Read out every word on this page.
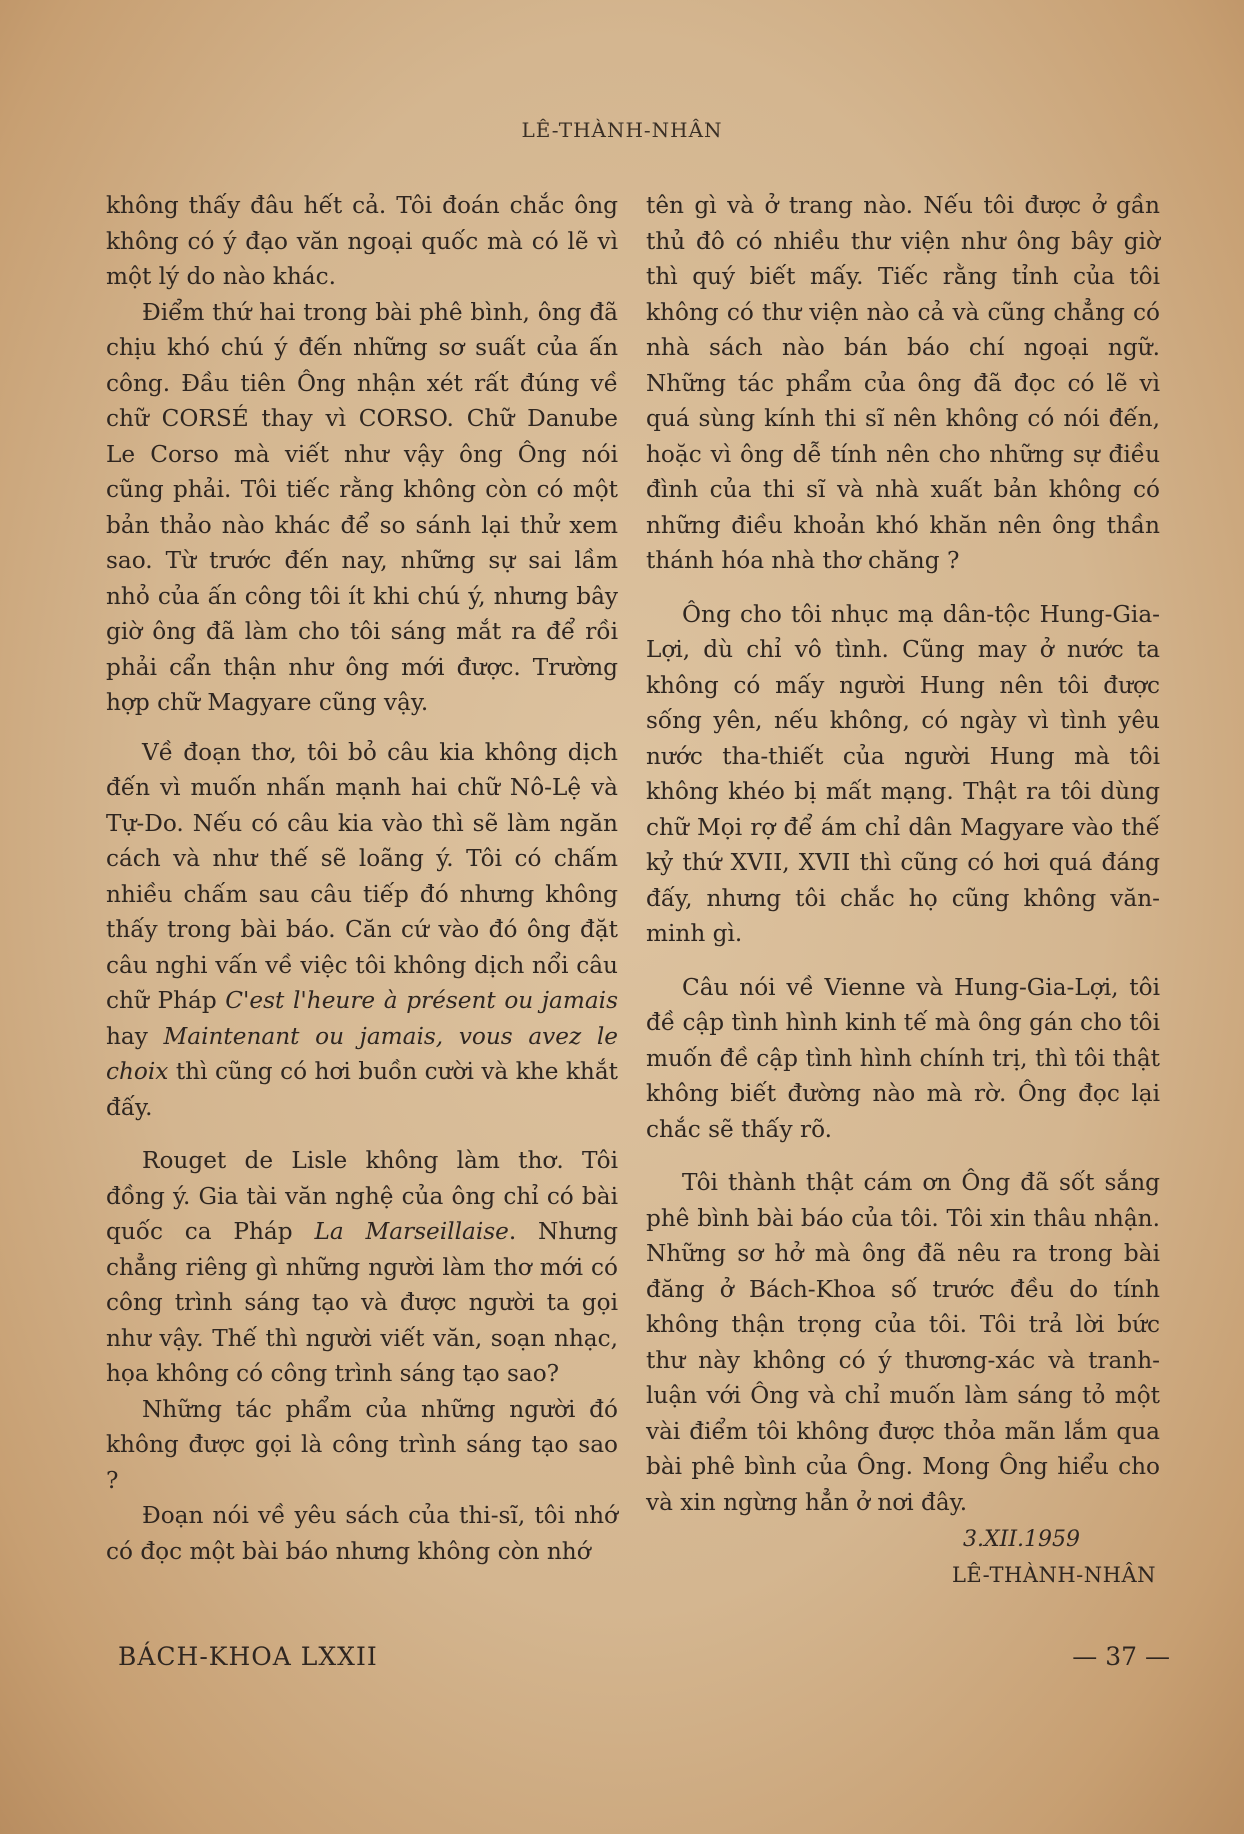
LÊ-THÀNH-NHÂN

không thấy đâu hết cả. Tôi đoán chắc ông không có ý đạo văn ngoại quốc mà có lẽ vì một lý do nào khác.

Điểm thứ hai trong bài phê bình, ông đã chịu khó chú ý đến những sơ suất của ấn công. Đầu tiên Ông nhận xét rất đúng về chữ CORSÉ thay vì CORSO. Chữ Danube Le Corso mà viết như vậy ông Ông nói cũng phải. Tôi tiếc rằng không còn có một bản thảo nào khác để so sánh lại thử xem sao. Từ trước đến nay, những sự sai lầm nhỏ của ấn công tôi ít khi chú ý, nhưng bây giờ ông đã làm cho tôi sáng mắt ra để rồi phải cẩn thận như ông mới được. Trường hợp chữ Magyare cũng vậy.

Về đoạn thơ, tôi bỏ câu kia không dịch đến vì muốn nhấn mạnh hai chữ Nô-Lệ và Tự-Do. Nếu có câu kia vào thì sẽ làm ngăn cách và như thế sẽ loãng ý. Tôi có chấm nhiều chấm sau câu tiếp đó nhưng không thấy trong bài báo. Căn cứ vào đó ông đặt câu nghi vấn về việc tôi không dịch nổi câu chữ Pháp C'est l'heure à présent ou jamais hay Maintenant ou jamais, vous avez le choix thì cũng có hơi buồn cười và khe khắt đấy.

Rouget de Lisle không làm thơ. Tôi đồng ý. Gia tài văn nghệ của ông chỉ có bài quốc ca Pháp La Marseillaise. Nhưng chẳng riêng gì những người làm thơ mới có công trình sáng tạo và được người ta gọi như vậy. Thế thì người viết văn, soạn nhạc, họa không có công trình sáng tạo sao?

Những tác phẩm của những người đó không được gọi là công trình sáng tạo sao ?

Đoạn nói về yêu sách của thi-sĩ, tôi nhớ có đọc một bài báo nhưng không còn nhớ

tên gì và ở trang nào. Nếu tôi được ở gần thủ đô có nhiều thư viện như ông bây giờ thì quý biết mấy. Tiếc rằng tỉnh của tôi không có thư viện nào cả và cũng chẳng có nhà sách nào bán báo chí ngoại ngữ. Những tác phẩm của ông đã đọc có lẽ vì quá sùng kính thi sĩ nên không có nói đến, hoặc vì ông dễ tính nên cho những sự điều đình của thi sĩ và nhà xuất bản không có những điều khoản khó khăn nên ông thần thánh hóa nhà thơ chăng ?

Ông cho tôi nhục mạ dân-tộc Hung-Gia-Lợi, dù chỉ vô tình. Cũng may ở nước ta không có mấy người Hung nên tôi được sống yên, nếu không, có ngày vì tình yêu nước tha-thiết của người Hung mà tôi không khéo bị mất mạng. Thật ra tôi dùng chữ Mọi rợ để ám chỉ dân Magyare vào thế kỷ thứ XVII, XVII thì cũng có hơi quá đáng đấy, nhưng tôi chắc họ cũng không văn-minh gì.

Câu nói về Vienne và Hung-Gia-Lợi, tôi đề cập tình hình kinh tế mà ông gán cho tôi muốn đề cập tình hình chính trị, thì tôi thật không biết đường nào mà rờ. Ông đọc lại chắc sẽ thấy rõ.

Tôi thành thật cám ơn Ông đã sốt sắng phê bình bài báo của tôi. Tôi xin thâu nhận. Những sơ hở mà ông đã nêu ra trong bài đăng ở Bách-Khoa số trước đều do tính không thận trọng của tôi. Tôi trả lời bức thư này không có ý thương-xác và tranh-luận với Ông và chỉ muốn làm sáng tỏ một vài điểm tôi không được thỏa mãn lắm qua bài phê bình của Ông. Mong Ông hiểu cho và xin ngừng hẳn ở nơi đây.

3.XII.1959
LÊ-THÀNH-NHÂN
BÁCH-KHOA LXXII	— 37 —
